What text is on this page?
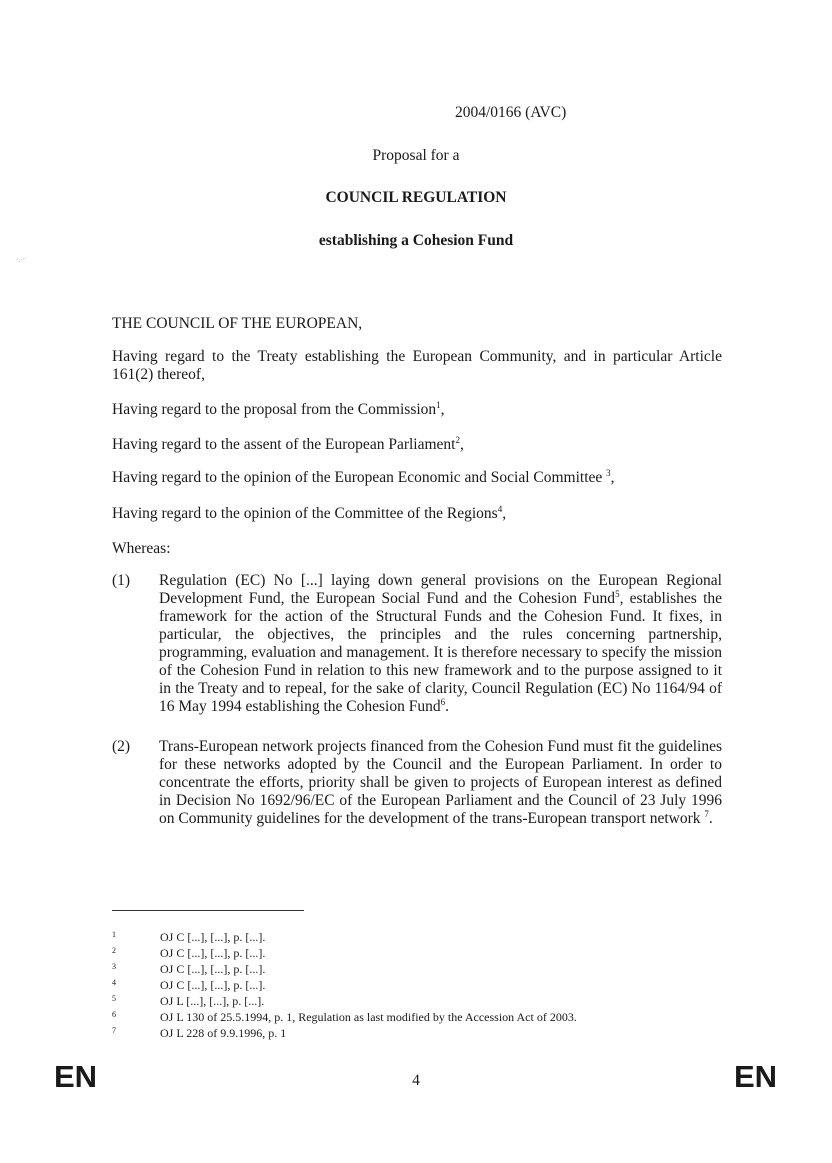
2004/0166 (AVC)
Proposal for a
COUNCIL REGULATION
establishing a Cohesion Fund
·.·⁻
THE COUNCIL OF THE EUROPEAN,
Having regard to the Treaty establishing the European Community, and in particular Article 161(2) thereof,
Having regard to the proposal from the Commission$^1$,
Having regard to the assent of the European Parliament$^2$,
Having regard to the opinion of the European Economic and Social Committee $^3$,
Having regard to the opinion of the Committee of the Regions$^4$,
Whereas:
(1) Regulation (EC) No [...] laying down general provisions on the European Regional Development Fund, the European Social Fund and the Cohesion Fund$^5$, establishes the framework for the action of the Structural Funds and the Cohesion Fund. It fixes, in particular, the objectives, the principles and the rules concerning partnership, programming, evaluation and management. It is therefore necessary to specify the mission of the Cohesion Fund in relation to this new framework and to the purpose assigned to it in the Treaty and to repeal, for the sake of clarity, Council Regulation (EC) No 1164/94 of 16 May 1994 establishing the Cohesion Fund$^6$.
(2) Trans-European network projects financed from the Cohesion Fund must fit the guidelines for these networks adopted by the Council and the European Parliament. In order to concentrate the efforts, priority shall be given to projects of European interest as defined in Decision No 1692/96/EC of the European Parliament and the Council of 23 July 1996 on Community guidelines for the development of the trans-European transport network $^7$.
1	OJ C [...], [...], p. [...].
2	OJ C [...], [...], p. [...].
3	OJ C [...], [...], p. [...].
4	OJ C [...], [...], p. [...].
5	OJ L [...], [...], p. [...].
6	OJ L 130 of 25.5.1994, p. 1, Regulation as last modified by the Accession Act of 2003.
7	OJ L 228 of 9.9.1996, p. 1
EN	4	EN
